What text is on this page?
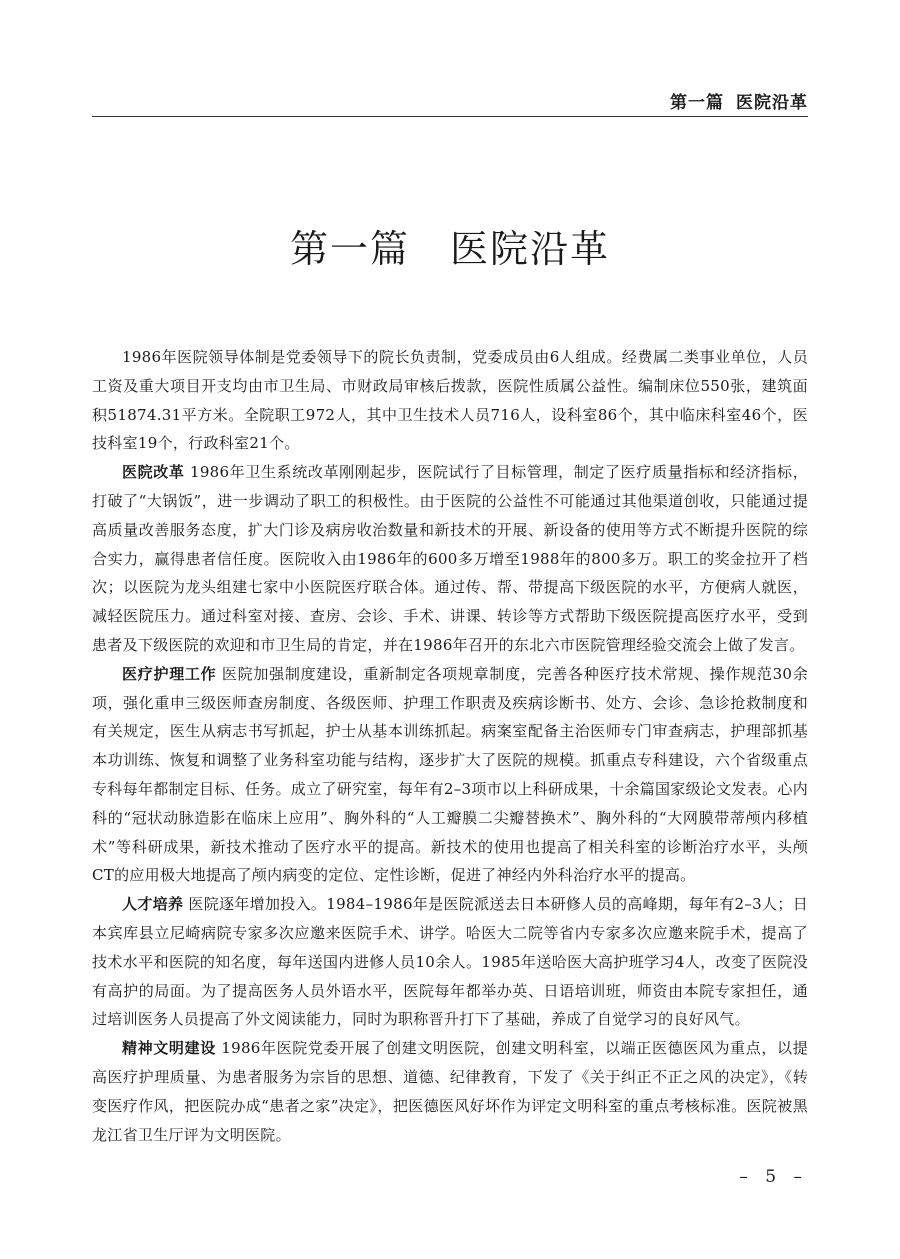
第一篇 医院沿革
第一篇 医院沿革

1986年医院领导体制是党委领导下的院长负责制，党委成员由6人组成。经费属二类事业单位，人员工资及重大项目开支均由市卫生局、市财政局审核后拨款，医院性质属公益性。编制床位550张，建筑面积51874.31平方米。全院职工972人，其中卫生技术人员716人，设科室86个，其中临床科室46个，医技科室19个，行政科室21个。

医院改革 1986年卫生系统改革刚刚起步，医院试行了目标管理，制定了医疗质量指标和经济指标，打破了“大锅饭”，进一步调动了职工的积极性。由于医院的公益性不可能通过其他渠道创收，只能通过提高质量改善服务态度，扩大门诊及病房收治数量和新技术的开展、新设备的使用等方式不断提升医院的综合实力，赢得患者信任度。医院收入由1986年的600多万增至1988年的800多万。职工的奖金拉开了档次；以医院为龙头组建七家中小医院医疗联合体。通过传、帮、带提高下级医院的水平，方便病人就医，减轻医院压力。通过科室对接、查房、会诊、手术、讲课、转诊等方式帮助下级医院提高医疗水平，受到患者及下级医院的欢迎和市卫生局的肯定，并在1986年召开的东北六市医院管理经验交流会上做了发言。

医疗护理工作 医院加强制度建设，重新制定各项规章制度，完善各种医疗技术常规、操作规范30余项，强化重申三级医师查房制度、各级医师、护理工作职责及疾病诊断书、处方、会诊、急诊抢救制度和有关规定，医生从病志书写抓起，护士从基本训练抓起。病案室配备主治医师专门审查病志，护理部抓基本功训练、恢复和调整了业务科室功能与结构，逐步扩大了医院的规模。抓重点专科建设，六个省级重点专科每年都制定目标、任务。成立了研究室，每年有2–3项市以上科研成果，十余篇国家级论文发表。心内科的“冠状动脉造影在临床上应用”、胸外科的“人工瓣膜二尖瓣替换术”、胸外科的“大网膜带蒂颅内移植术”等科研成果，新技术推动了医疗水平的提高。新技术的使用也提高了相关科室的诊断治疗水平，头颅CT的应用极大地提高了颅内病变的定位、定性诊断，促进了神经内外科治疗水平的提高。

人才培养 医院逐年增加投入。1984–1986年是医院派送去日本研修人员的高峰期，每年有2–3人；日本宾库县立尼崎病院专家多次应邀来医院手术、讲学。哈医大二院等省内专家多次应邀来院手术，提高了技术水平和医院的知名度，每年送国内进修人员10余人。1985年送哈医大高护班学习4人，改变了医院没有高护的局面。为了提高医务人员外语水平，医院每年都举办英、日语培训班，师资由本院专家担任，通过培训医务人员提高了外文阅读能力，同时为职称晋升打下了基础，养成了自觉学习的良好风气。

精神文明建设 1986年医院党委开展了创建文明医院，创建文明科室，以端正医德医风为重点，以提高医疗护理质量、为患者服务为宗旨的思想、道德、纪律教育，下发了《关于纠正不正之风的决定》，《转变医疗作风，把医院办成“患者之家”决定》，把医德医风好坏作为评定文明科室的重点考核标准。医院被黑龙江省卫生厅评为文明医院。

– 5 –
